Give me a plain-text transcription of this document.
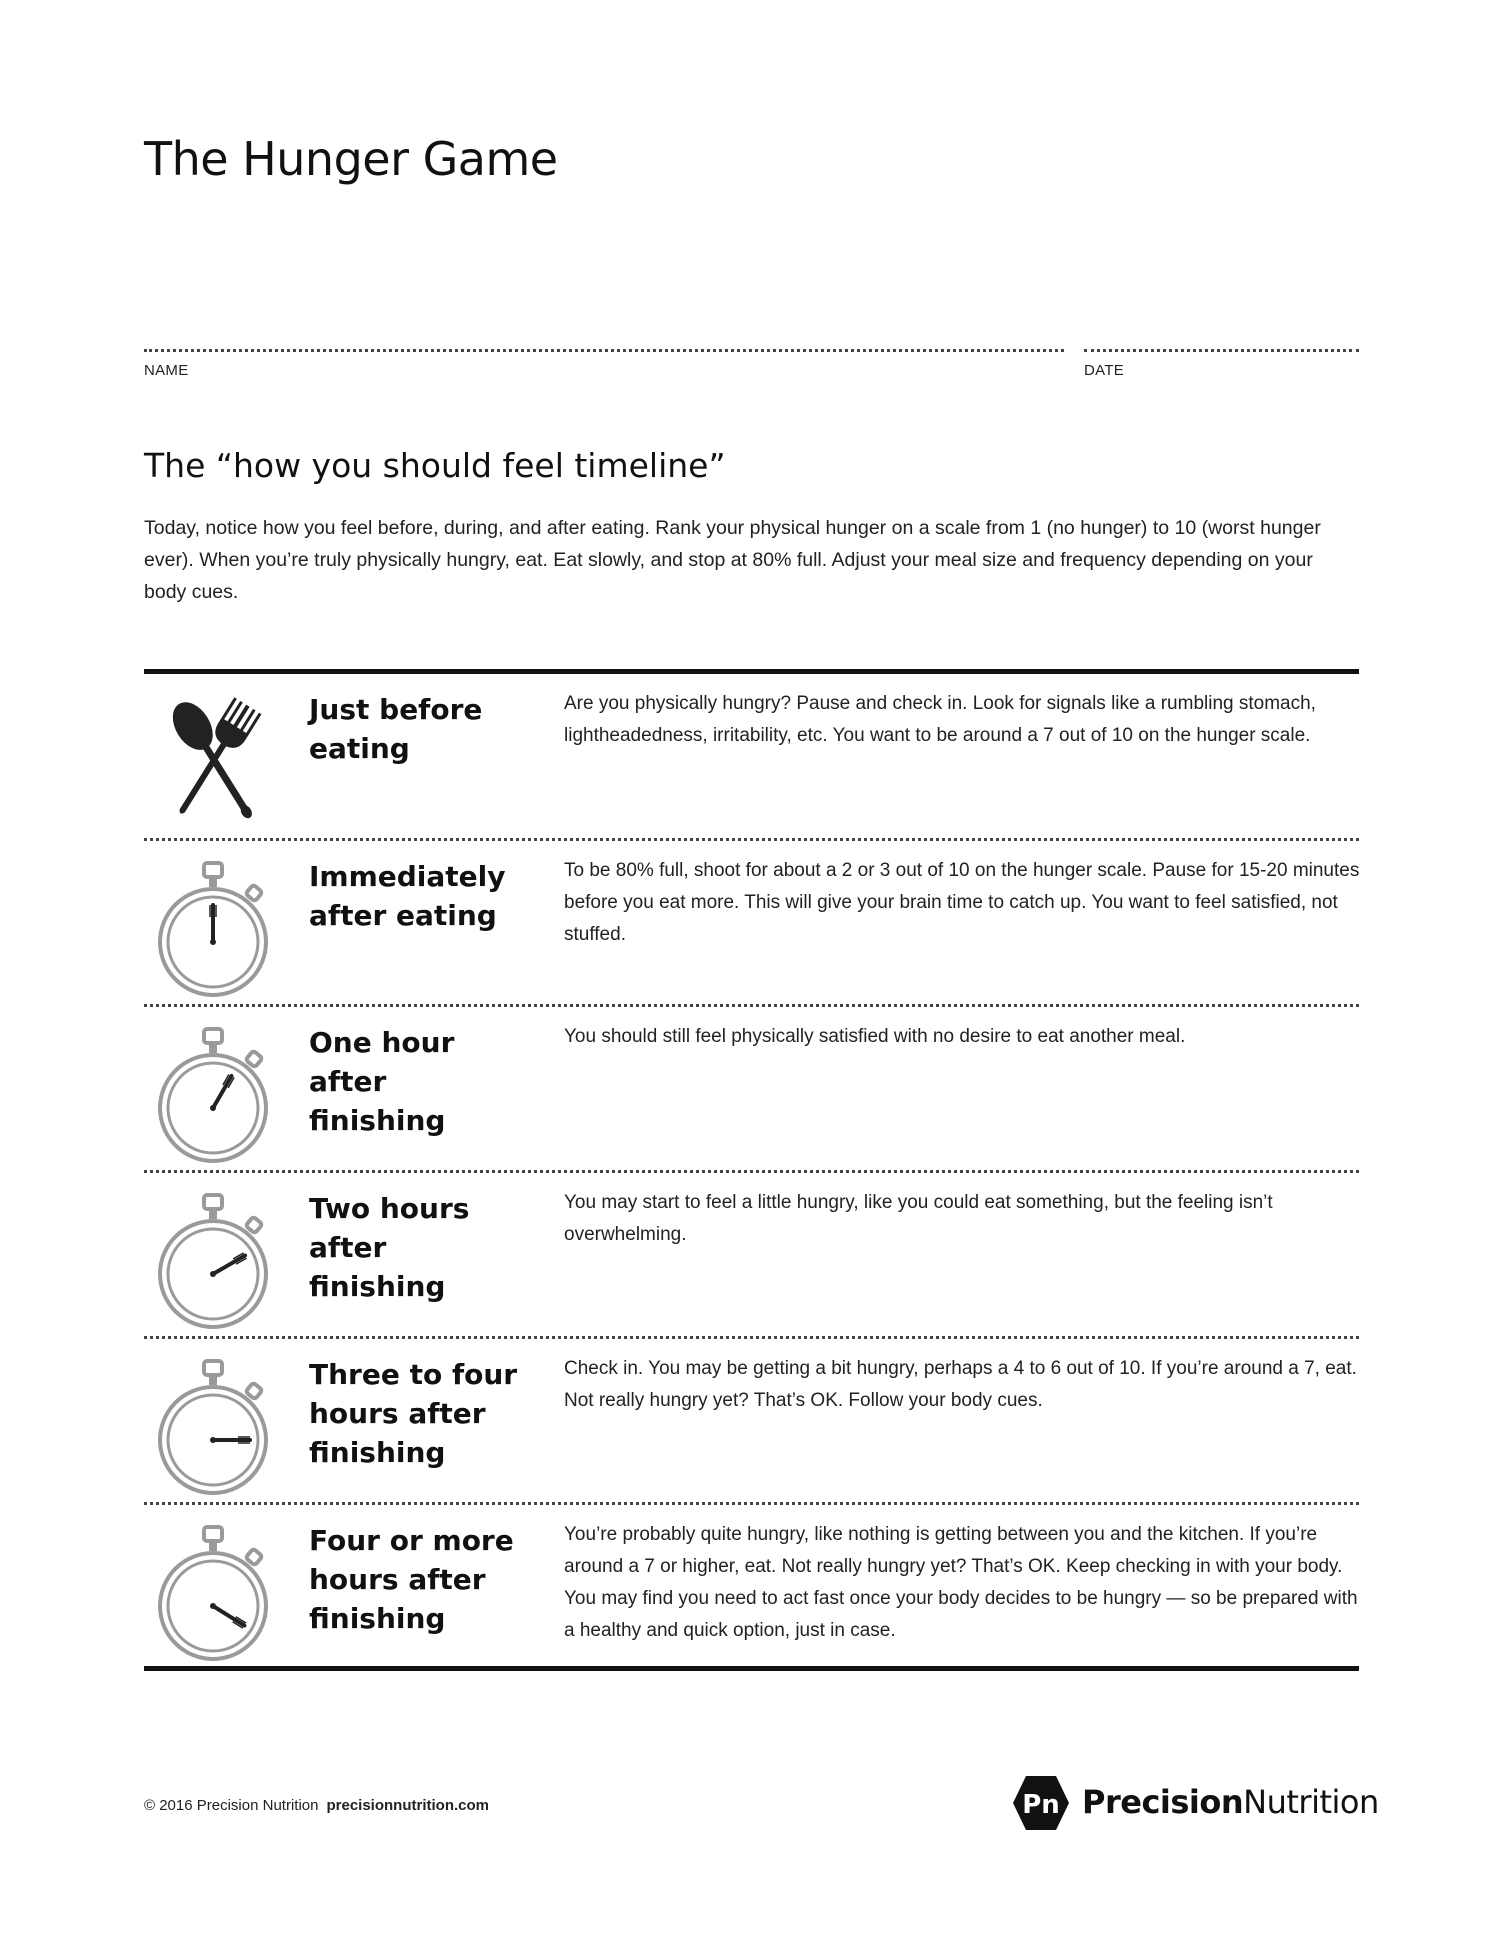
The Hunger Game
NAME	DATE
The “how you should feel timeline”

Today, notice how you feel before, during, and after eating. Rank your physical hunger on a scale from 1 (no hunger) to 10 (worst hunger ever). When you’re truly physically hungry, eat. Eat slowly, and stop at 80% full. Adjust your meal size and frequency depending on your body cues.

Just before eating

Are you physically hungry? Pause and check in. Look for signals like a rumbling stomach, lightheadedness, irritability, etc. You want to be around a 7 out of 10 on the hunger scale.

Immediately after eating

To be 80% full, shoot for about a 2 or 3 out of 10 on the hunger scale. Pause for 15-20 minutes before you eat more. This will give your brain time to catch up. You want to feel satisfied, not stuffed.

One hour after finishing

You should still feel physically satisfied with no desire to eat another meal.

Two hours after finishing

You may start to feel a little hungry, like you could eat something, but the feeling isn’t overwhelming.

Three to four hours after finishing

Check in. You may be getting a bit hungry, perhaps a 4 to 6 out of 10. If you’re around a 7, eat. Not really hungry yet? That’s OK. Follow your body cues.

Four or more hours after finishing

You’re probably quite hungry, like nothing is getting between you and the kitchen. If you’re around a 7 or higher, eat. Not really hungry yet? That’s OK. Keep checking in with your body. You may find you need to act fast once your body decides to be hungry — so be prepared with a healthy and quick option, just in case.

© 2016 Precision Nutrition precisionnutrition.com	Pn PrecisionNutrition
